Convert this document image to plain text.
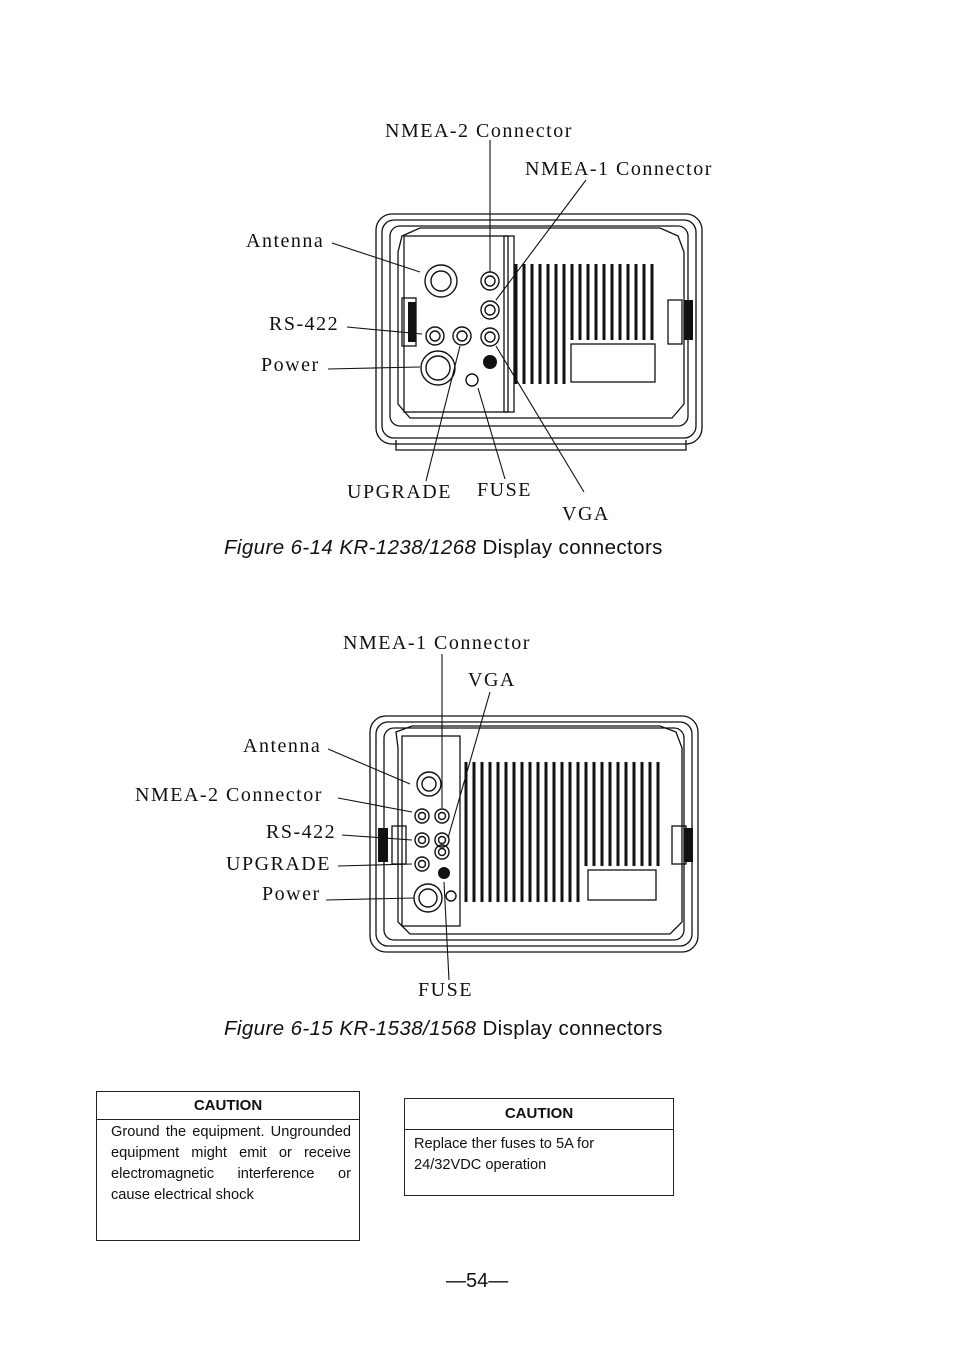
NMEA-2 Connector
NMEA-1 Connector
Antenna
RS-422
Power
UPGRADE FUSE
VGA
Figure 6-14 KR-1238/1268 Display connectors
NMEA-1 Connector
VGA
Antenna
NMEA-2 Connector
RS-422
UPGRADE
Power
FUSE
Figure 6-15 KR-1538/1568 Display connectors
CAUTION
Ground the equipment. Ungrounded equipment might emit or receive electromagnetic interference or cause electrical shock
CAUTION
Replace ther fuses to 5A for 24/32VDC operation
—54—
